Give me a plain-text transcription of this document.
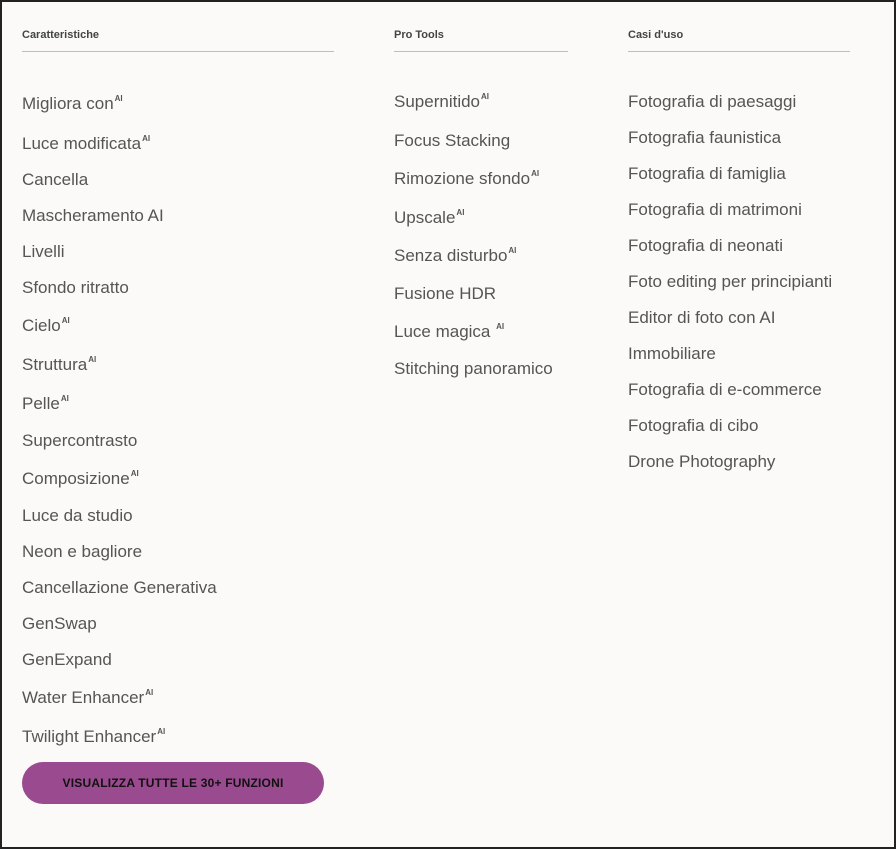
Caratteristiche
Migliora con$^{AI}$
Luce modificata$^{AI}$
Cancella
Mascheramento AI
Livelli
Sfondo ritratto
Cielo$^{AI}$
Struttura$^{AI}$
Pelle$^{AI}$
Supercontrasto
Composizione$^{AI}$
Luce da studio
Neon e bagliore
Cancellazione Generativa
GenSwap
GenExpand
Water Enhancer$^{AI}$
Twilight Enhancer$^{AI}$
Pro Tools
Supernitido$^{AI}$
Focus Stacking
Rimozione sfondo$^{AI}$
Upscale$^{AI}$
Senza disturbo$^{AI}$
Fusione HDR
Luce magica $^{AI}$
Stitching panoramico
Casi d'uso
Fotografia di paesaggi
Fotografia faunistica
Fotografia di famiglia
Fotografia di matrimoni
Fotografia di neonati
Foto editing per principianti
Editor di foto con AI
Immobiliare
Fotografia di e-commerce
Fotografia di cibo
Drone Photography
VISUALIZZA TUTTE LE 30+ FUNZIONI
